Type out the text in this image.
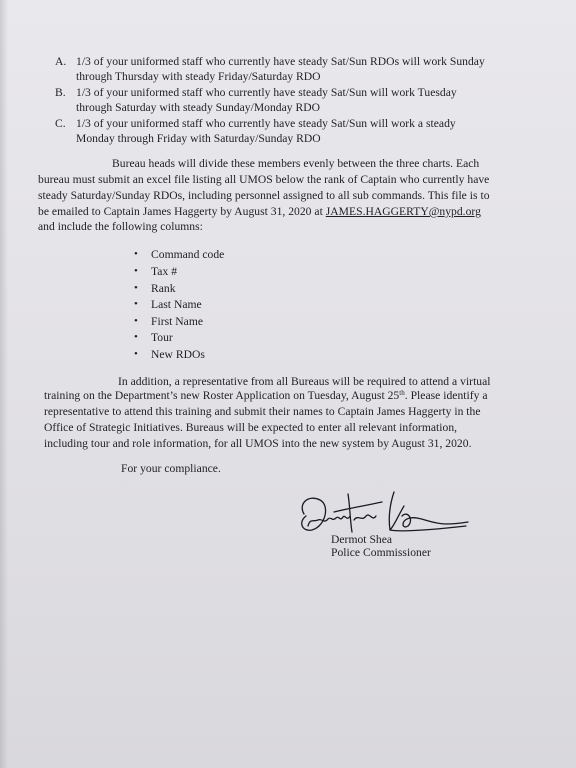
A. 1/3 of your uniformed staff who currently have steady Sat/Sun RDOs will work Sunday
through Thursday with steady Friday/Saturday RDO
B. 1/3 of your uniformed staff who currently have steady Sat/Sun will work Tuesday
through Saturday with steady Sunday/Monday RDO
C. 1/3 of your uniformed staff who currently have steady Sat/Sun will work a steady
Monday through Friday with Saturday/Sunday RDO
Bureau heads will divide these members evenly between the three charts. Each
bureau must submit an excel file listing all UMOS below the rank of Captain who currently have
steady Saturday/Sunday RDOs, including personnel assigned to all sub commands. This file is to
be emailed to Captain James Haggerty by August 31, 2020 at JAMES.HAGGERTY@nypd.org
and include the following columns:
• Command code
• Tax #
• Rank
• Last Name
• First Name
• Tour
• New RDOs
In addition, a representative from all Bureaus will be required to attend a virtual
training on the Department’s new Roster Application on Tuesday, August 25th. Please identify a
representative to attend this training and submit their names to Captain James Haggerty in the
Office of Strategic Initiatives. Bureaus will be expected to enter all relevant information,
including tour and role information, for all UMOS into the new system by August 31, 2020.
For your compliance.
Dermot Shea
Police Commissioner
